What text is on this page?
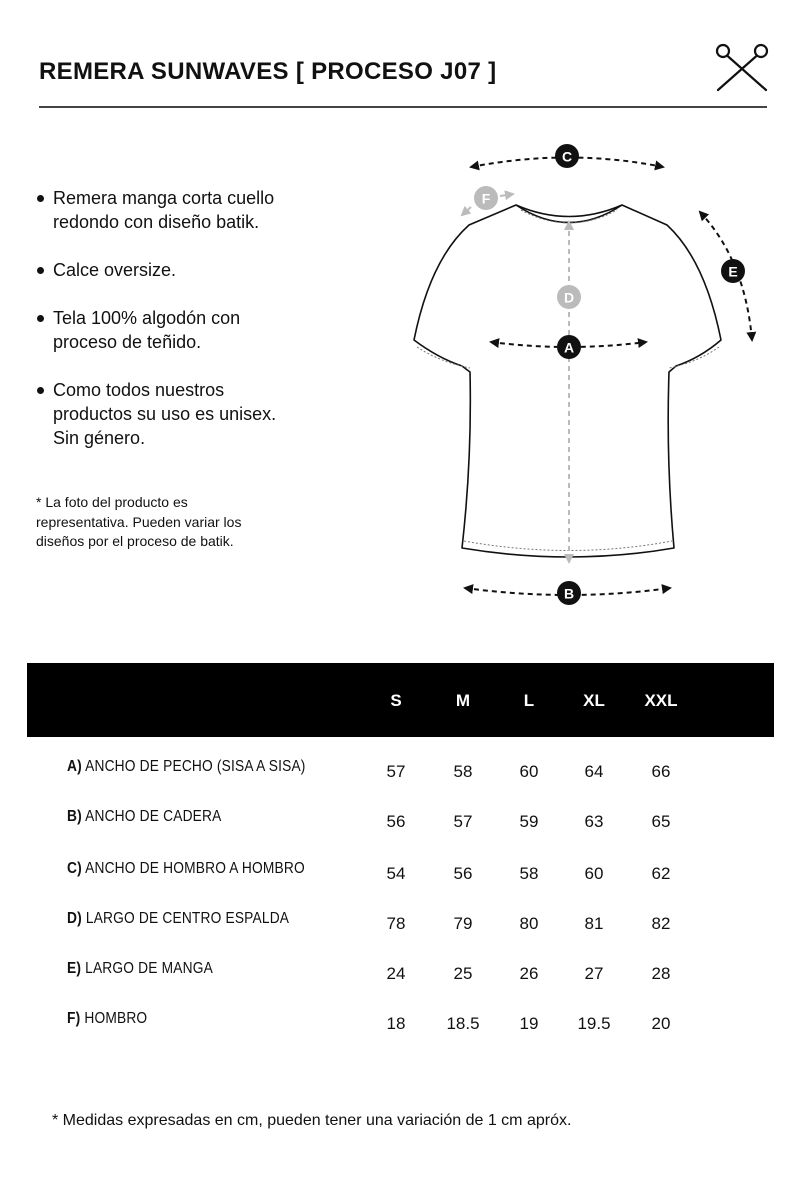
REMERA SUNWAVES [ PROCESO J07 ]
Remera manga corta cuello
redondo con diseño batik.
Calce oversize.
Tela 100% algodón con
proceso de teñido.
Como todos nuestros
productos su uso es unisex.
Sin género.
* La foto del producto es
representativa. Pueden variar los
diseños por el proceso de batik.
A
B
C
D
E
F
S	M	L	XL	XXL
A) ANCHO DE PECHO (SISA A SISA)	57	58	60	64	66
B) ANCHO DE CADERA	56	57	59	63	65
C) ANCHO DE HOMBRO A HOMBRO	54	56	58	60	62
D) LARGO DE CENTRO ESPALDA	78	79	80	81	82
E) LARGO DE MANGA	24	25	26	27	28
F) HOMBRO	18	18.5	19	19.5	20
* Medidas expresadas en cm, pueden tener una variación de 1 cm apróx.
